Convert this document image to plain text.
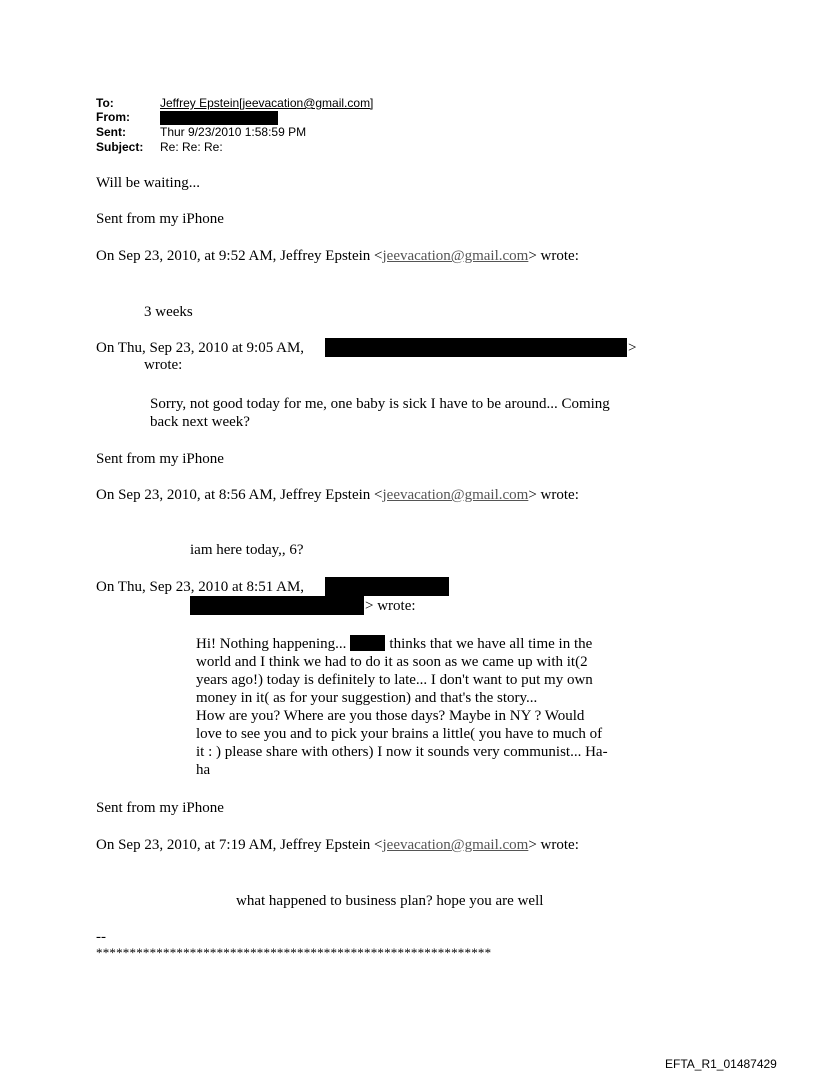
To:	Jeffrey Epstein[jeevacation@gmail.com]
From:
Sent:	Thur 9/23/2010 1:58:59 PM
Subject: Re: Re: Re:
Will be waiting...
Sent from my iPhone
On Sep 23, 2010, at 9:52 AM, Jeffrey Epstein <jeevacation@gmail.com> wrote:
3 weeks
On Thu, Sep 23, 2010 at 9:05 AM,	>
wrote:
Sorry, not good today for me, one baby is sick I have to be around... Coming
back next week?
Sent from my iPhone
On Sep 23, 2010, at 8:56 AM, Jeffrey Epstein <jeevacation@gmail.com> wrote:
iam here today,, 6?
On Thu, Sep 23, 2010 at 8:51 AM,
> wrote:
Hi! Nothing happening...	thinks that we have all time in the
world and I think we had to do it as soon as we came up with it(2
years ago!) today is definitely to late... I don't want to put my own
money in it( as for your suggestion) and that's the story...
How are you? Where are you those days? Maybe in NY ? Would
love to see you and to pick your brains a little( you have to much of
it : ) please share with others) I now it sounds very communist... Ha-
ha
Sent from my iPhone
On Sep 23, 2010, at 7:19 AM, Jeffrey Epstein <jeevacation@gmail.com> wrote:
what happened to business plan? hope you are well
--
***********************************************************
EFTA_R1_01487429
